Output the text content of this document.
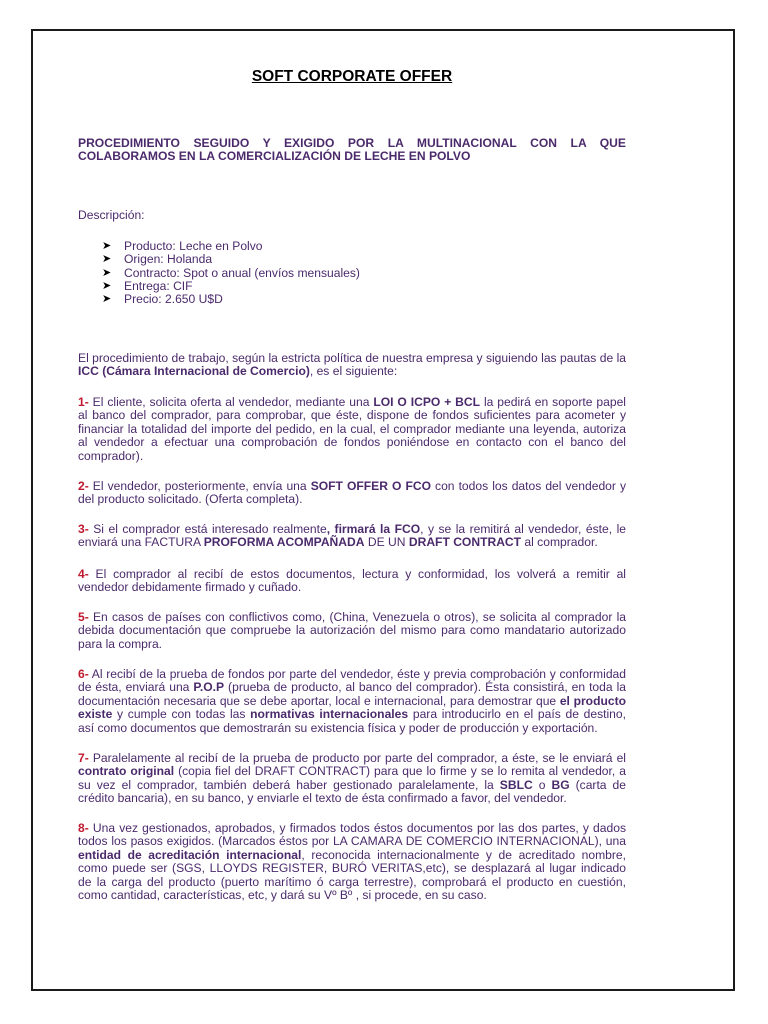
SOFT CORPORATE OFFER

PROCEDIMIENTO SEGUIDO Y EXIGIDO POR LA MULTINACIONAL CON LA QUE COLABORAMOS EN LA COMERCIALIZACIÓN DE LECHE EN POLVO

Descripción:

➤ Producto: Leche en Polvo
➤ Origen: Holanda
➤ Contracto: Spot o anual (envíos mensuales)
➤ Entrega: CIF
➤ Precio: 2.650 U$D

El procedimiento de trabajo, según la estricta política de nuestra empresa y siguiendo las pautas de la ICC (Cámara Internacional de Comercio), es el siguiente:

1- El cliente, solicita oferta al vendedor, mediante una LOI O ICPO + BCL la pedirá en soporte papel al banco del comprador, para comprobar, que éste, dispone de fondos suficientes para acometer y financiar la totalidad del importe del pedido, en la cual, el comprador mediante una leyenda, autoriza al vendedor a efectuar una comprobación de fondos poniéndose en contacto con el banco del comprador).

2- El vendedor, posteriormente, envía una SOFT OFFER O FCO con todos los datos del vendedor y del producto solicitado. (Oferta completa).

3- Si el comprador está interesado realmente, firmará la FCO, y se la remitirá al vendedor, éste, le enviará una FACTURA PROFORMA ACOMPAÑADA DE UN DRAFT CONTRACT al comprador.

4- El comprador al recibí de estos documentos, lectura y conformidad, los volverá a remitir al vendedor debidamente firmado y cuñado.

5- En casos de países con conflictivos como, (China, Venezuela o otros), se solicita al comprador la debida documentación que compruebe la autorización del mismo para como mandatario autorizado para la compra.

6- Al recibí de la prueba de fondos por parte del vendedor, éste y previa comprobación y conformidad de ésta, enviará una P.O.P (prueba de producto, al banco del comprador). Ésta consistirá, en toda la documentación necesaria que se debe aportar, local e internacional, para demostrar que el producto existe y cumple con todas las normativas internacionales para introducirlo en el país de destino, así como documentos que demostrarán su existencia física y poder de producción y exportación.

7- Paralelamente al recibí de la prueba de producto por parte del comprador, a éste, se le enviará el contrato original (copia fiel del DRAFT CONTRACT) para que lo firme y se lo remita al vendedor, a su vez el comprador, también deberá haber gestionado paralelamente, la SBLC o BG (carta de crédito bancaria), en su banco, y enviarle el texto de ésta confirmado a favor, del vendedor.

8- Una vez gestionados, aprobados, y firmados todos éstos documentos por las dos partes, y dados todos los pasos exigidos. (Marcados éstos por LA CAMARA DE COMERCIO INTERNACIONAL), una entidad de acreditación internacional, reconocida internacionalmente y de acreditado nombre, como puede ser (SGS, LLOYDS REGISTER, BURÓ VERITAS,etc), se desplazará al lugar indicado de la carga del producto (puerto marítimo ó carga terrestre), comprobará el producto en cuestión, como cantidad, características, etc, y dará su Vº Bº , si procede, en su caso.
